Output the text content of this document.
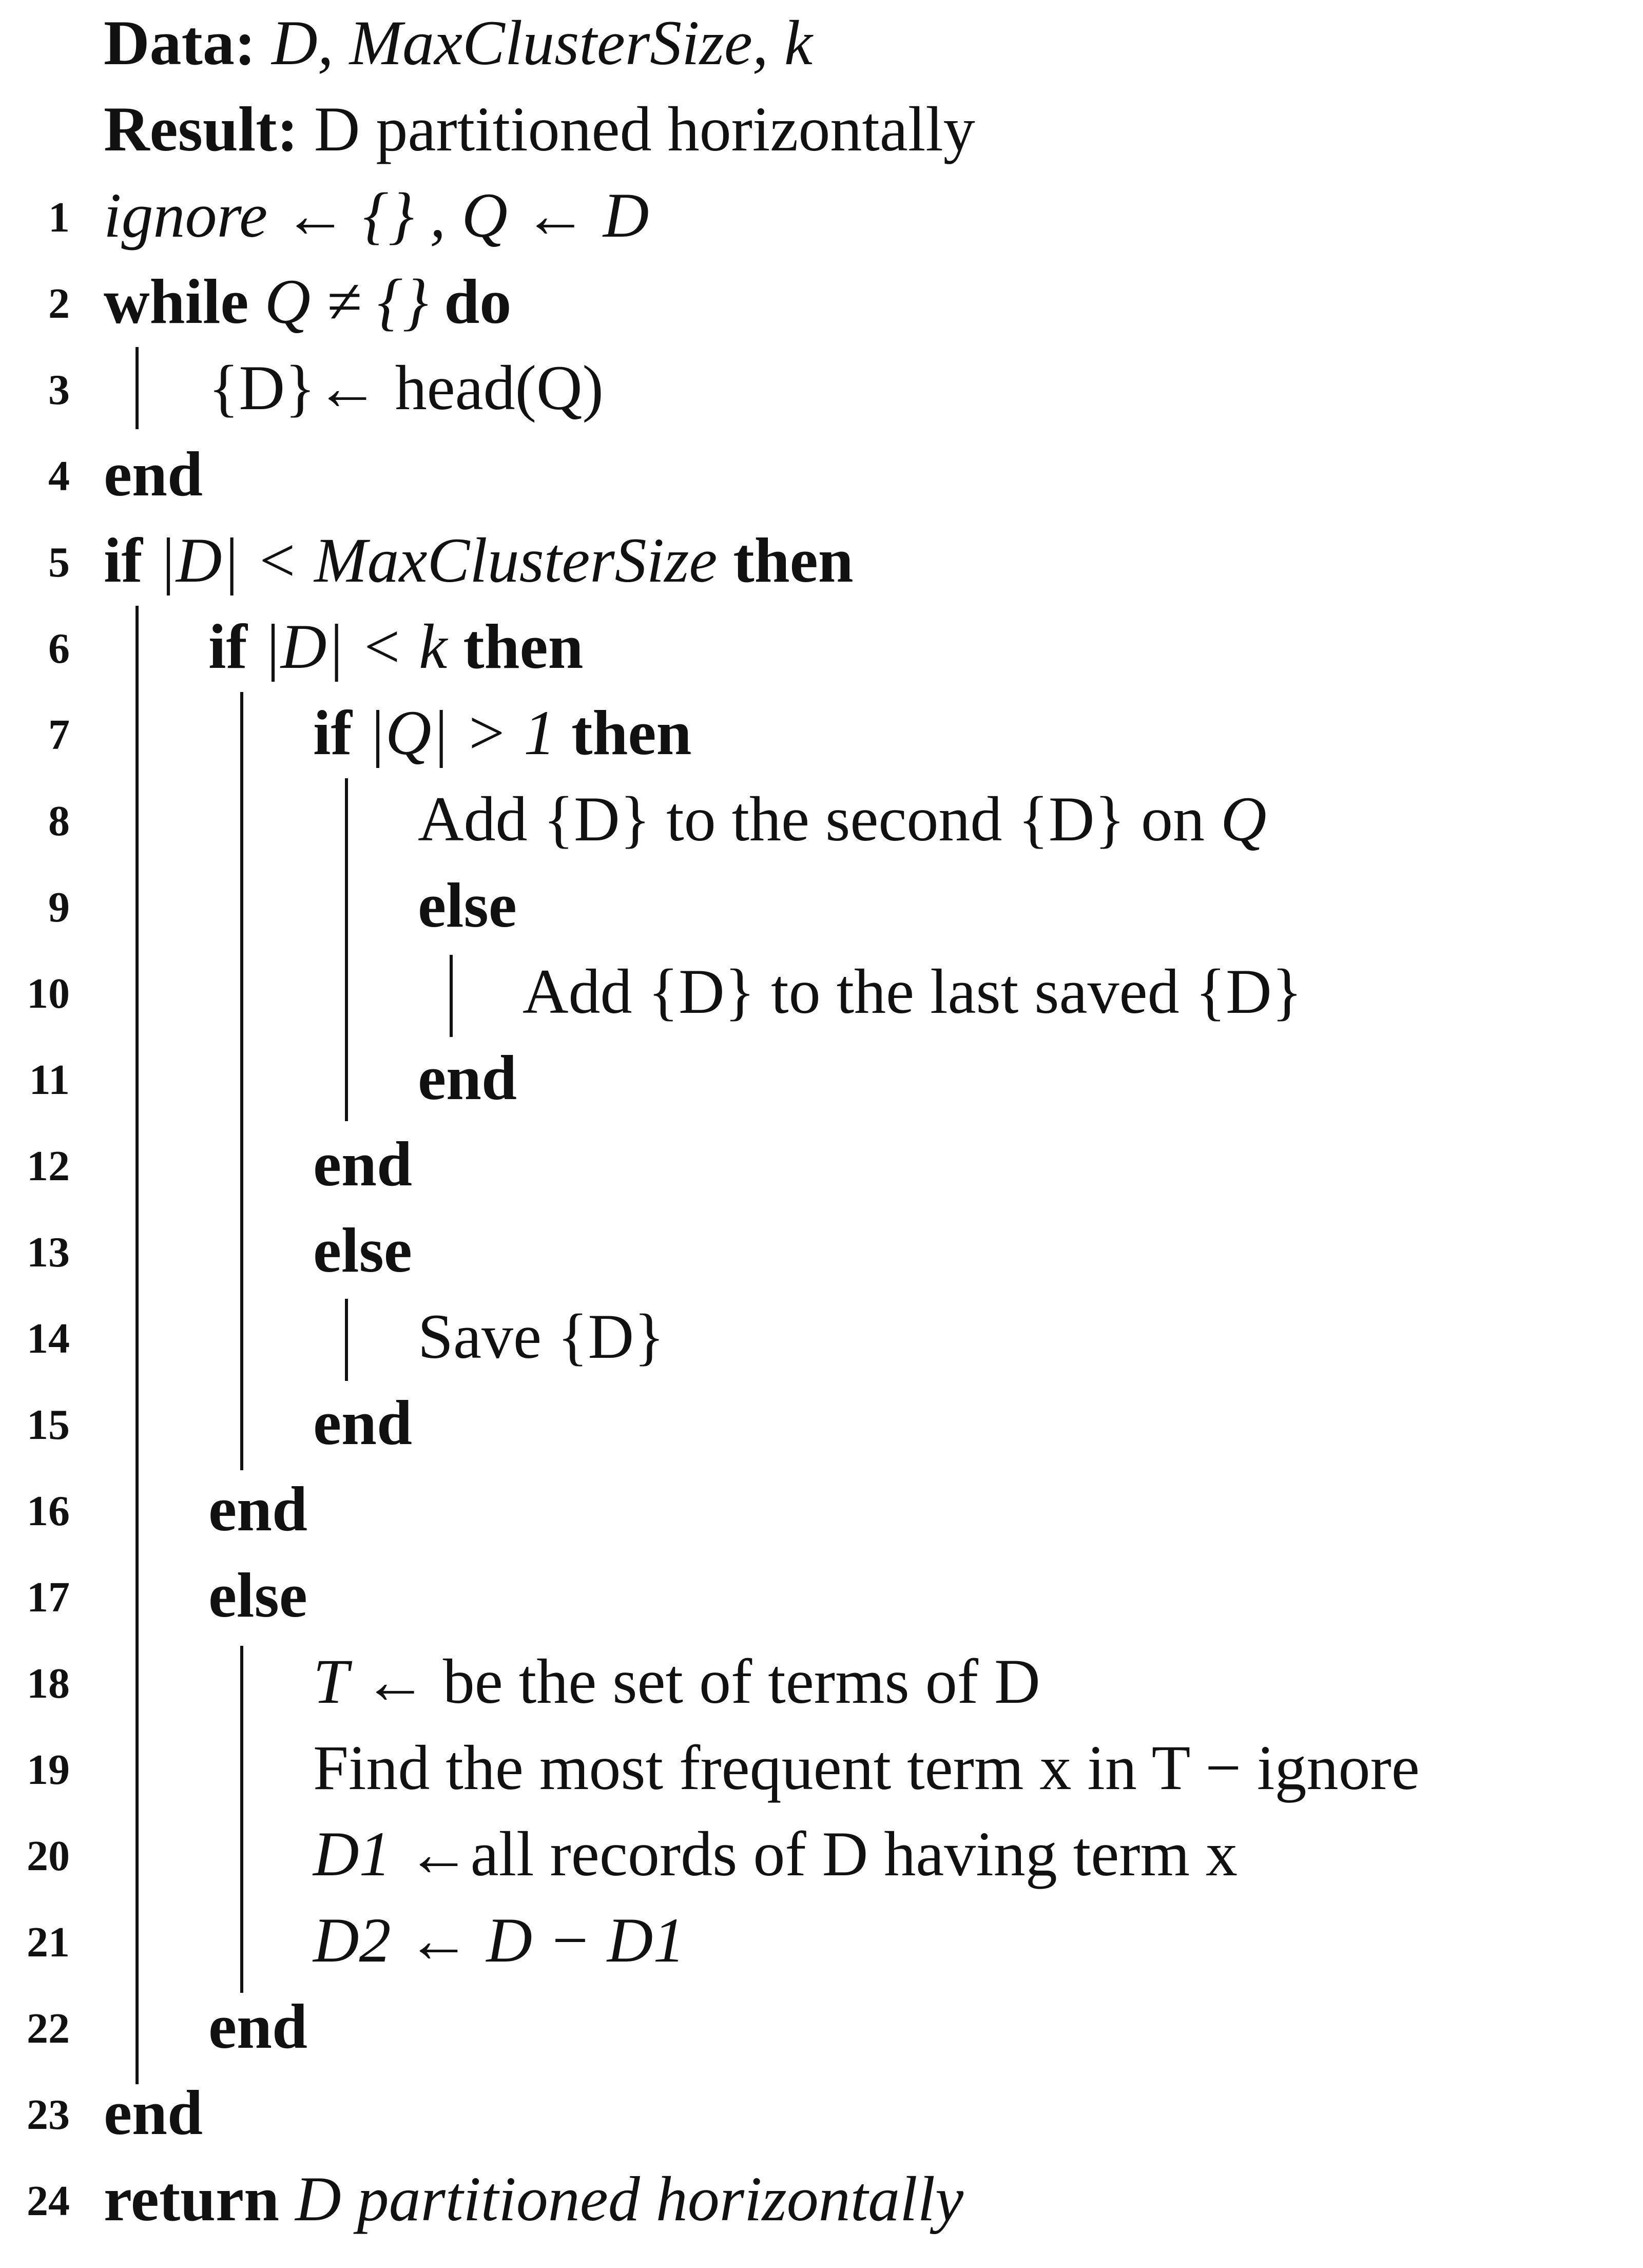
Data: D, MaxClusterSize, k
Result: D partitioned horizontally
1 ignore ← {} , Q ← D
2 while Q ≠ {} do
3 {D}← head(Q)
4 end
5 if |D| < MaxClusterSize then
6 if |D| < k then
7	if |Q| > 1 then
8	Add {D} to the second {D} on Q
9	else
10	Add {D} to the last saved {D}
11	end
12	end
13	else
14	Save {D}
15	end
16 end
17 else
18	T ← be the set of terms of D
19	Find the most frequent term x in T − ignore
20	D1 ←all records of D having term x
21	D2 ← D − D1
22 end
23 end
24 return D partitioned horizontally
